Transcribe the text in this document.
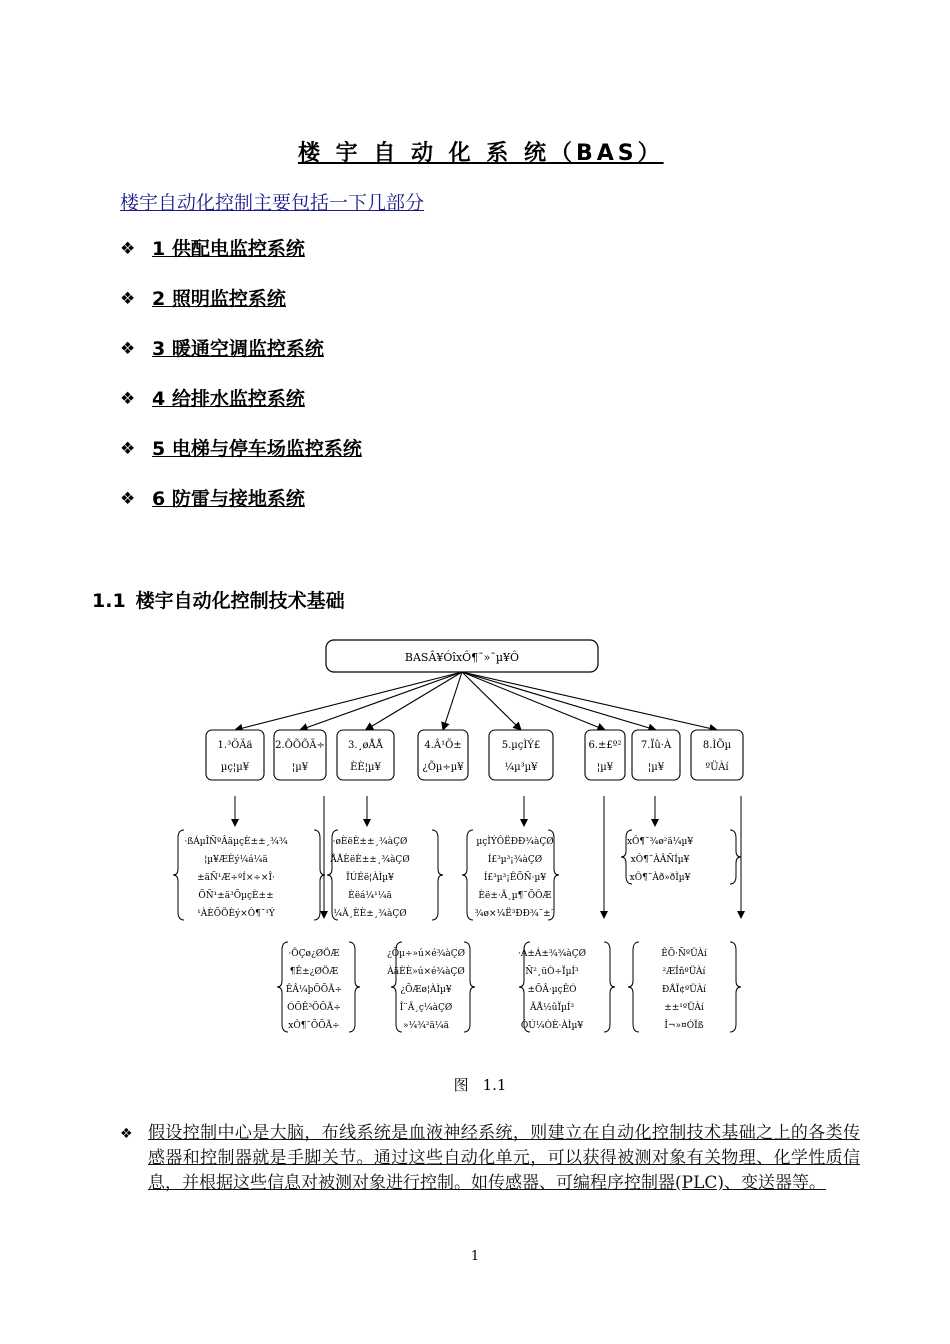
楼 宇 自 动 化 系 统（BAS）
楼宇自动化控制主要包括一下几部分
❖ 1 供配电监控系统
❖ 2 照明监控系统
❖ 3 暖通空调监控系统
❖ 4 给排水监控系统
❖ 5 电梯与停车场监控系统
❖ 6 防雷与接地系统
1.1 楼宇自动化控制技术基础
BASÂ¥ÓîxÔ¶¯»¯µ¥Ô
1.³ÖÄä
µç¦µ¥
2.ÕÕÕÃ÷
¦µ¥
3.¸øÅÅ
ÈÈ¦µ¥
4.Â¹Ö±
¿Õµ÷µ¥
5.µçÌÝ£
¼µ³µ¥
6.±£º²
¦µ¥
7.Ïû·À
¦µ¥
8.ÌÕµ
ºÜÀí
·ßÁµÎÑºÂäµçÈ±±¸¾¾
¦µ¥ÆÈý¼á¼ä
±äÑ¹Æ÷ºÍ×÷×Î·
ÕÑ¹±ä³ÕµçÈ±±
¹ÀÈÕÖÈý×Ô¶¯¹Ý
·øÈëÈ±±¸¾àÇØ
ÅÅÈëÈ±±¸¾àÇØ
ÏÚÉë¦ÀÌµ¥
Èëá¼¹¼ä
¼Ä¸ÈÈ±¸¾àÇØ
µçÌÝÔËÐÐ¾àÇØ
Í£³µ³¡¾àÇØ
Í£³µ³¡ÊÕÑ·µ¥
Èë±·Ä¸µ¶¯ÕÔÆ
¾ø×¼Ë³ÐÐ¾¯±¨
xÔ¶¯¾ø²ä¼µ¥
xÔ¶¯ÀÂÑÍµ¥
xÔ¶¯Àð»ðÌµ¥
·ÖÇø¿ØÖÆ
¶Ê±¿ØÖÆ
ÊÂ¼þÕÕÃ÷
ÓÕÊ³ÕÕÃ÷
xÔ¶¯ÕÕÃ÷
¿Õµ÷»ú×é¾àÇØ
ÀäÈÈ»ú×é¾àÇØ
¿ÕÆø¦ÀÌµ¥
Î¨Ä¸ç¼àÇØ
»¼¾²ä¼ä
·À±Á±¾¾àÇØ
Ñ²¸üÒ÷ÏµÍ³
±ÕÂ·µçÊÓ
ÃÅ½ûÏµÍ³
ÓÚ¼ÒÈ·ÀÌµ¥
ÊÕ·ÑºÜÀí
²ÆÎñºÜÀí
ÐÅÏ¢ºÜÀí
±±¹ºÜÀí
Î¬»¤ÓÏß
图 1.1
❖ 假设控制中心是大脑，布线系统是血液神经系统，则建立在自动化控制技术基础之上的各类传感器和控制器就是手脚关节。通过这些自动化单元，可以获得被测对象有关物理、化学性质信息，并根据这些信息对被测对象进行控制。如传感器、可编程序控制器(PLC)、变送器等。
1
